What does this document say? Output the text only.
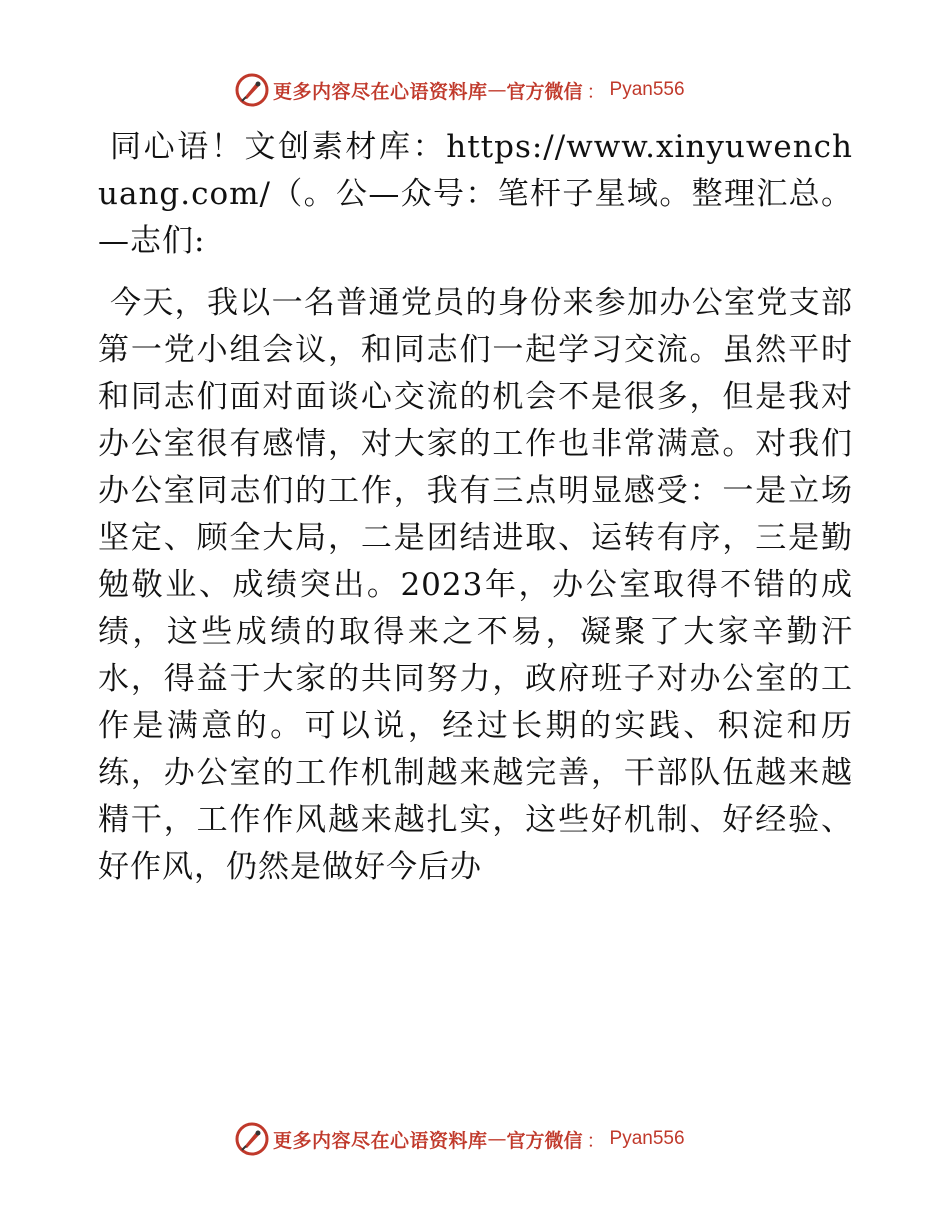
更多内容尽在心语资料库 — 官方微信 ： Pyan556

同心语！文创素材库：https://www.xinyuwenchuang.com/（。公—众号：笔杆子星域。整理汇总。—志们:

今天，我以一名普通党员的身份来参加办公室党支部第一党小组会议，和同志们一起学习交流。虽然平时和同志们面对面谈心交流的机会不是很多，但是我对办公室很有感情，对大家的工作也非常满意。对我们办公室同志们的工作，我有三点明显感受：一是立场坚定、顾全大局，二是团结进取、运转有序，三是勤勉敬业、成绩突出。2023年，办公室取得不错的成绩，这些成绩的取得来之不易，凝聚了大家辛勤汗水，得益于大家的共同努力，政府班子对办公室的工作是满意的。可以说，经过长期的实践、积淀和历练，办公室的工作机制越来越完善，干部队伍越来越精干，工作作风越来越扎实，这些好机制、好经验、好作风，仍然是做好今后办

更多内容尽在心语资料库 — 官方微信 ： Pyan556
